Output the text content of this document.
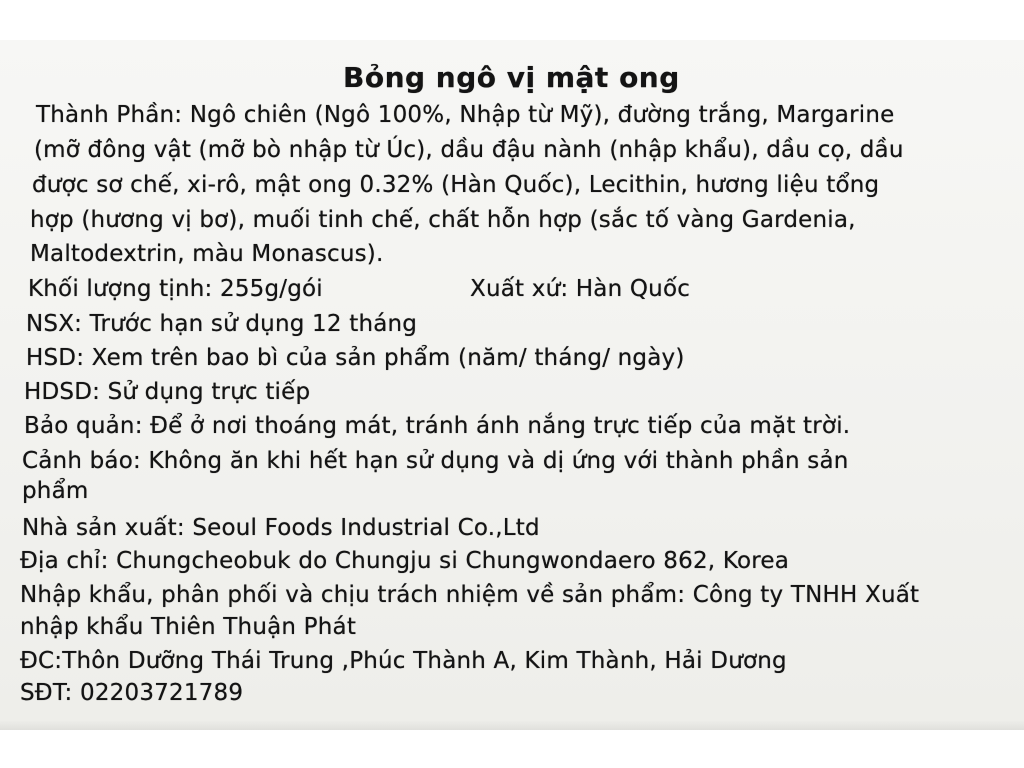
Bỏng ngô vị mật ong

Thành Phần: Ngô chiên (Ngô 100%, Nhập từ Mỹ), đường trắng, Margarine

(mỡ đông vật (mỡ bò nhập từ Úc), dầu đậu nành (nhập khẩu), dầu cọ, dầu

được sơ chế, xi-rô, mật ong 0.32% (Hàn Quốc), Lecithin, hương liệu tổng

hợp (hương vị bơ), muối tinh chế, chất hỗn hợp (sắc tố vàng Gardenia,

Maltodextrin, màu Monascus).

Khối lượng tịnh: 255g/gói	Xuất xứ: Hàn Quốc

NSX: Trước hạn sử dụng 12 tháng

HSD: Xem trên bao bì của sản phẩm (năm/ tháng/ ngày)

HDSD: Sử dụng trực tiếp

Bảo quản: Để ở nơi thoáng mát, tránh ánh nắng trực tiếp của mặt trời.

Cảnh báo: Không ăn khi hết hạn sử dụng và dị ứng với thành phần sản

phẩm

Nhà sản xuất: Seoul Foods Industrial Co.,Ltd

Địa chỉ: Chungcheobuk do Chungju si Chungwondaero 862, Korea

Nhập khẩu, phân phối và chịu trách nhiệm về sản phẩm: Công ty TNHH Xuất

nhập khẩu Thiên Thuận Phát

ĐC:Thôn Dưỡng Thái Trung ,Phúc Thành A, Kim Thành, Hải Dương

SĐT: 02203721789
